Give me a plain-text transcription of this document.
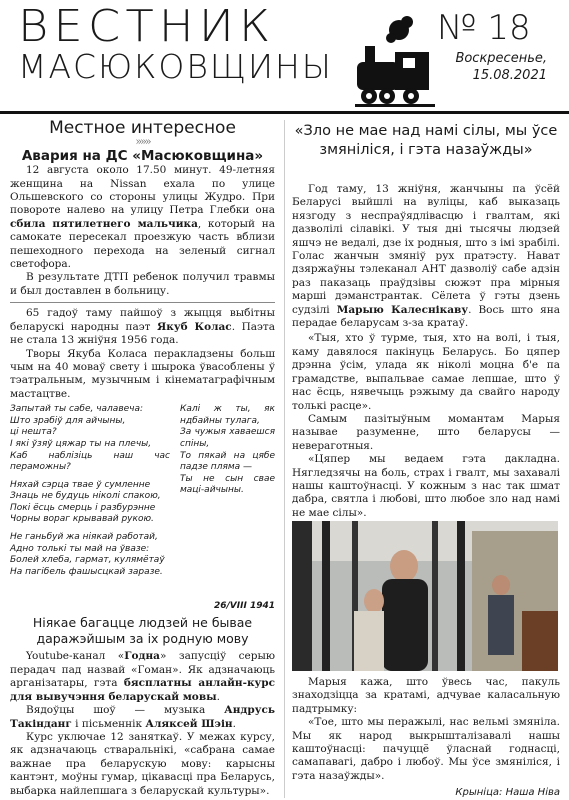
ВЕСТНИК
МАСЮКОВЩИНЫ
№ 18
Воскресенье,
15.08.2021
Местное интересное
»»»
Авария на ДС «Масюковщина»

12 августа около 17.50 минут. 49-летняя женщина на Nissan ехала по улице Ольшевского со стороны улицы Жудро. При повороте налево на улицу Петра Глебки она сбила пятилетнего мальчика, который на самокате пересекал проезжую часть вблизи пешеходного перехода на зеленый сигнал светофора.

В результате ДТП ребенок получил травмы и был доставлен в больницу.

65 гадоў таму пайшоў з жыцця выбітны беларускі народны паэт Якуб Колас. Паэта не стала 13 жніўня 1956 года.

Творы Якуба Коласа перакладзены больш чым на 40 моваў свету і шырока ўвасоблены ў тэатральным, музычным і кінематаграфічным мастацтве.

Запытай ты сабе, чалавеча:
Што зрабіў для айчыны,
ці нешта?
І які ўзяў цяжар ты на плечы,
Каб наблізіць наш час пераможны?

Няхай сэрца твае ў сумленне
Знаць не будуць ніколі спакою,
Покі ёсць смерць і разбурэнне
Чорны вораг крывавай рукою.

Не ганьбуй жа ніякай работай,
Адно толькі ты май на ўвазе:
Болей хлеба, гармат, кулямётаў
На пагібель фашысцкай заразе.

Калі ж ты, як ндбайны тулага,
За чужыя хаваешся спіны,
То пякай на цябе падзе пляма —
Ты не сын свае маці-айчыны.

26/VIII 1941
Ніякае багацце людзей не бывае даражэйшым за іх родную мову

Youtube-канал «Годна» запусціў серыю перадач пад назвай «Гоман». Як адзначаюць арганізатары, гэта бясплатны анлайн-курс для вывучэння беларускай мовы.

Вядоўцы шоў — музыка Андрусь Такінданг і пісьменнік Аляксей Шэін.

Курс уключае 12 заняткаў. У межах курсу, як адзначаюць стваральнікі, «сабрана самае важнае пра беларускую мову: карысны кантэнт, моўны гумар, цікавасці пра Беларусь, выбарка найлепшага з беларускай культуры».

«Зло не мае над намі сілы, мы ўсе змяніліся, і гэта назаўжды»

Год таму, 13 жніўня, жанчыны па ўсёй Беларусі выйшлі на вуліцы, каб выказаць нязгоду з неспраўядлівасцю і гвалтам, які дазволілі сілавікі. У тыя дні тысячы людзей яшчэ не ведалі, дзе іх родныя, што з імі зрабілі. Голас жанчын змяніў рух пратэсту. Нават дзяржаўны тэлеканал АНТ дазволіў сабе адзін раз паказаць праўдзівы сюжэт пра мірныя марші дэманстрантак. Сёлета ў гэты дзень судзілі Марыю Калеснікаву. Вось што яна перадае беларусам з-за кратаў.

«Тыя, хто ў турме, тыя, хто на волі, і тыя, каму давялося пакінуць Беларусь. Бо цяпер дрэнна ўсім, улада як ніколі моцна б'е па грамадстве, выпальвае самае лепшае, што ў нас ёсць, нявечыць рэжыму да свайго народу толькі расце».

Самым пазітыўным момантам Марыя называе разуменне, што беларусы — невераготныя.

«Цяпер мы ведаем гэта дакладна. Нягледзячы на боль, страх і гвалт, мы захавалі нашы каштоўнасці. У кожным з нас так шмат дабра, святла і любові, што любое зло над намі не мае сілы».

Марыя кажа, што ўвесь час, пакуль знаходзіцца за кратамі, адчувае каласальную падтрымку:

«Тое, што мы перажылі, нас вельмі змяніла. Мы як народ выкрышталізавалі нашы каштоўнасці: пачуццё ўласнай годнасці, самапавагі, дабро і любоў. Мы ўсе змяніліся, і гэта назаўжды».

Крыніца: Наша Ніва
